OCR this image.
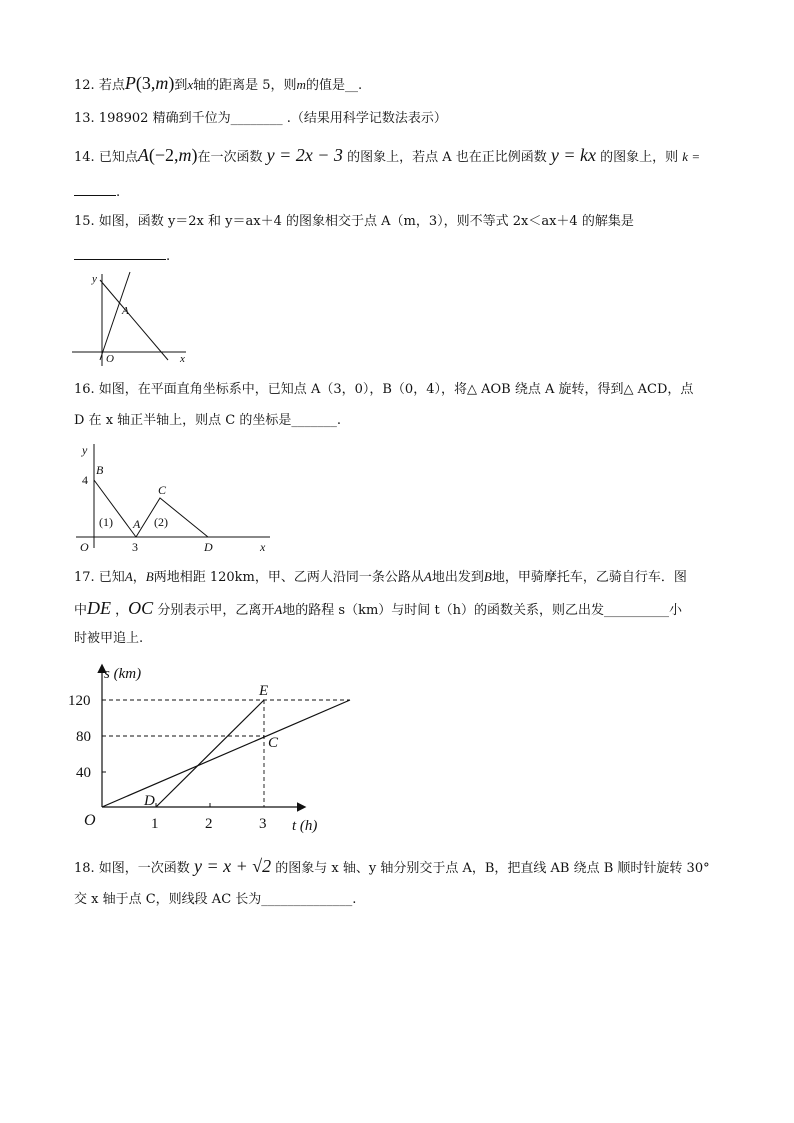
12. 若点P(3,m)到x轴的距离是 5，则m的值是__.
13. 198902 精确到千位为________ .（结果用科学记数法表示）
14. 已知点A(−2,m)在一次函数 y = 2x − 3 的图象上，若点 A 也在正比例函数 y = kx 的图象上，则 k =
.
15. 如图，函数 y＝2x 和 y＝ax＋4 的图象相交于点 A（m，3），则不等式 2x＜ax＋4 的解集是
.
y
A
O	x
16. 如图，在平面直角坐标系中，已知点 A（3，0），B（0，4），将△ AOB 绕点 A 旋转，得到△ ACD，点
D 在 x 轴正半轴上，则点 C 的坐标是_______.
y
B
4
(1) A (2)
C
O	3	D	x
17. 已知A，B两地相距 120km，甲、乙两人沿同一条公路从A地出发到B地，甲骑摩托车，乙骑自行车．图
中DE ，OC 分别表示甲，乙离开A地的路程 s（km）与时间 t（h）的函数关系，则乙出发__________小
时被甲追上.
s (km)
120
80
40
O	1	2	3 t (h)
E
C
D
18. 如图，一次函数 y = x + √2 的图象与 x 轴、y 轴分别交于点 A，B，把直线 AB 绕点 B 顺时针旋转 30°
交 x 轴于点 C，则线段 AC 长为______________.
